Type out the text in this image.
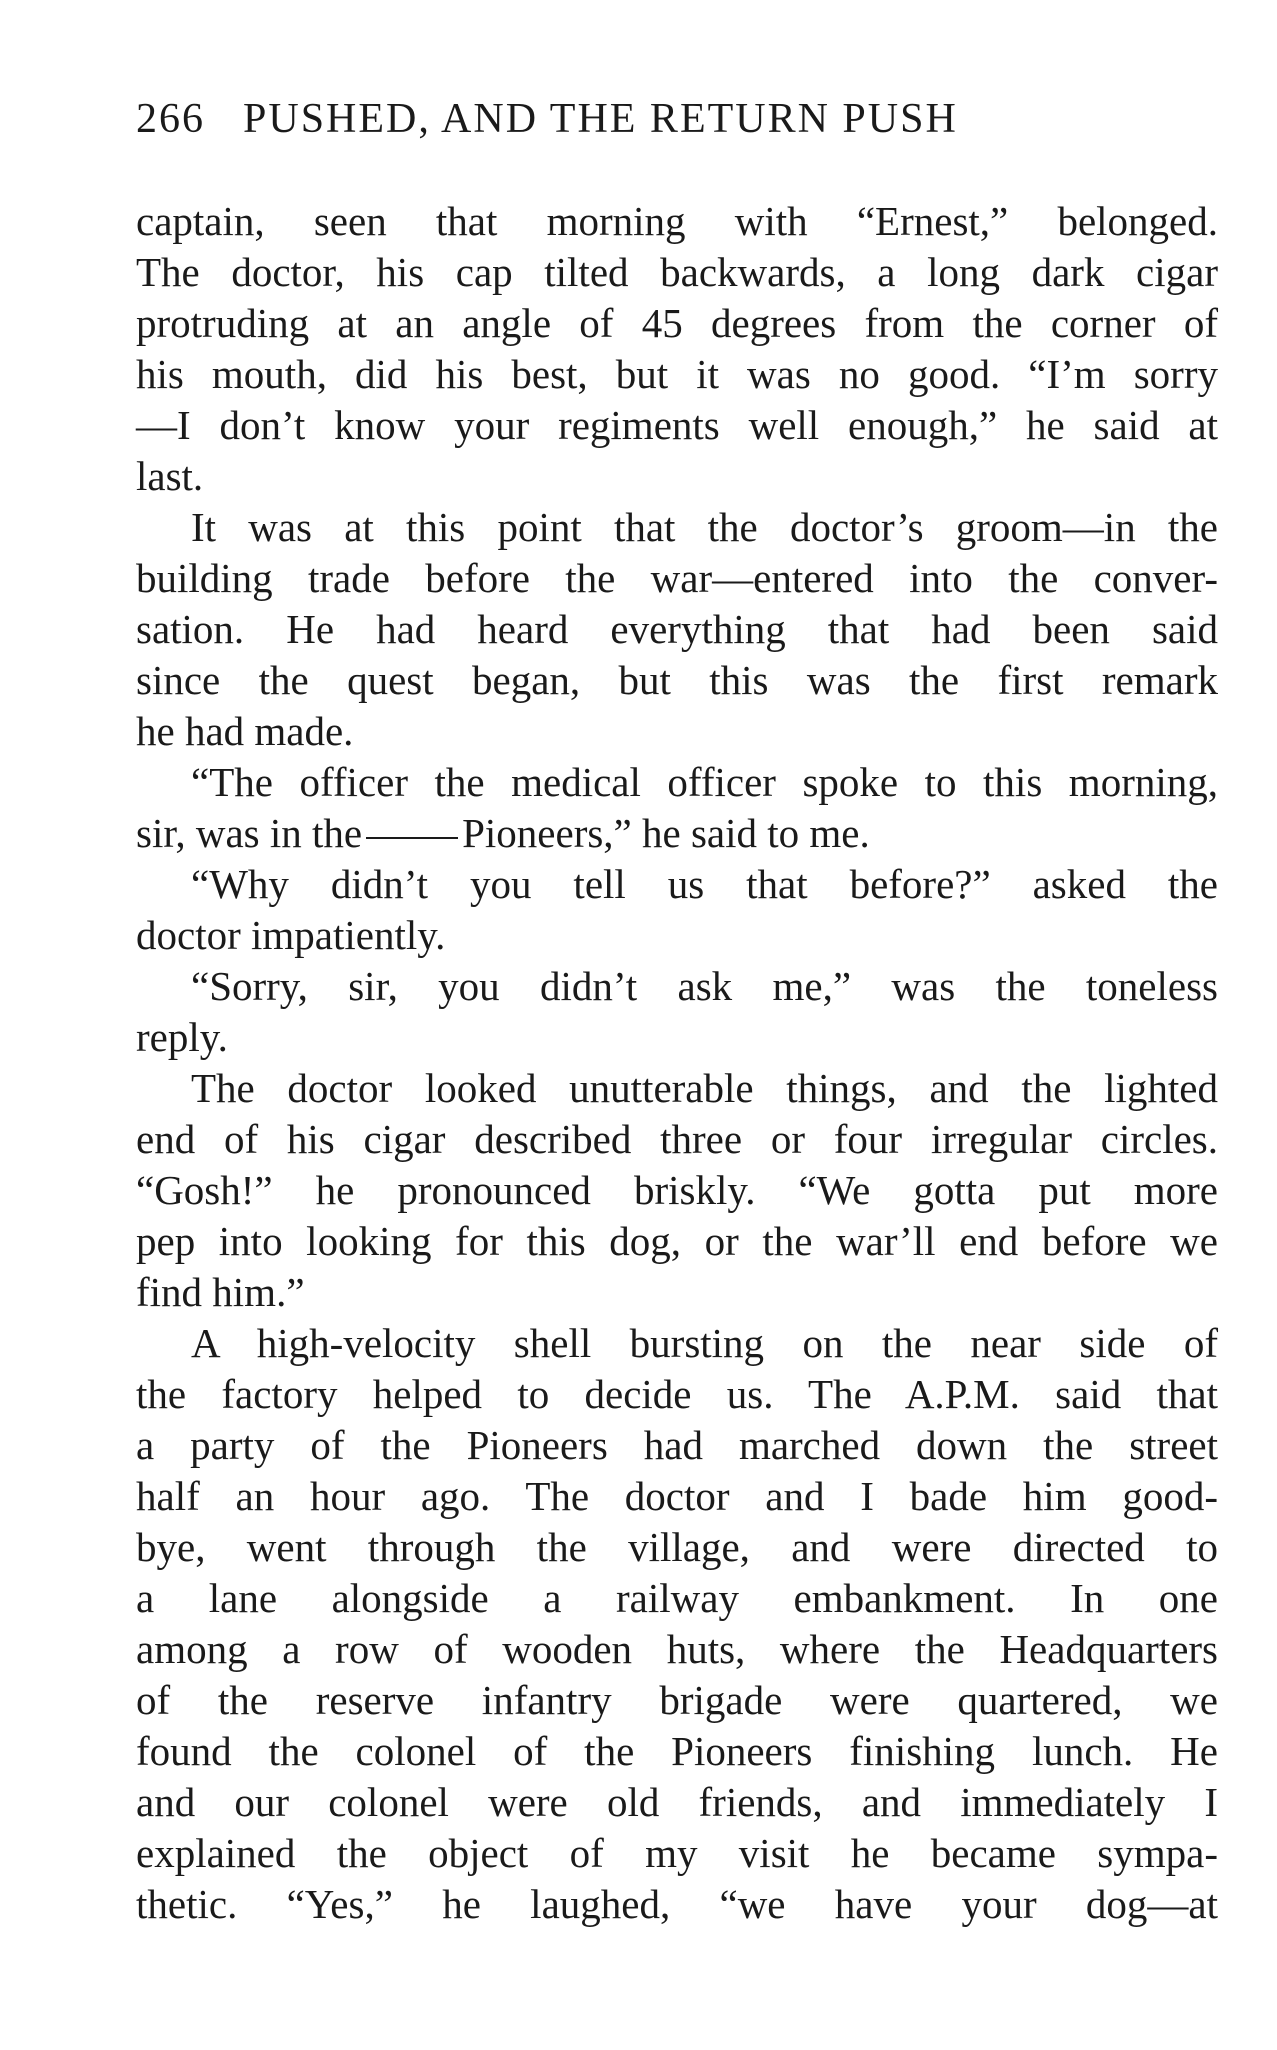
266 PUSHED, AND THE RETURN PUSH
captain, seen that morning with “Ernest,” belonged.
The doctor, his cap tilted backwards, a long dark cigar
protruding at an angle of 45 degrees from the corner of
his mouth, did his best, but it was no good. “I’m sorry
—I don’t know your regiments well enough,” he said at
last.
It was at this point that the doctor’s groom—in the
building trade before the war—entered into the conver-
sation. He had heard everything that had been said
since the quest began, but this was the first remark
he had made.
“The officer the medical officer spoke to this morning,
sir, was in the Pioneers,” he said to me.
“Why didn’t you tell us that before?” asked the
doctor impatiently.
“Sorry, sir, you didn’t ask me,” was the toneless
reply.
The doctor looked unutterable things, and the lighted
end of his cigar described three or four irregular circles.
“Gosh!” he pronounced briskly. “We gotta put more
pep into looking for this dog, or the war’ll end before we
find him.”
A high-velocity shell bursting on the near side of
the factory helped to decide us. The A.P.M. said that
a party of the Pioneers had marched down the street
half an hour ago. The doctor and I bade him good-
bye, went through the village, and were directed to
a lane alongside a railway embankment. In one
among a row of wooden huts, where the Headquarters
of the reserve infantry brigade were quartered, we
found the colonel of the Pioneers finishing lunch. He
and our colonel were old friends, and immediately I
explained the object of my visit he became sympa-
thetic. “Yes,” he laughed, “we have your dog—at
